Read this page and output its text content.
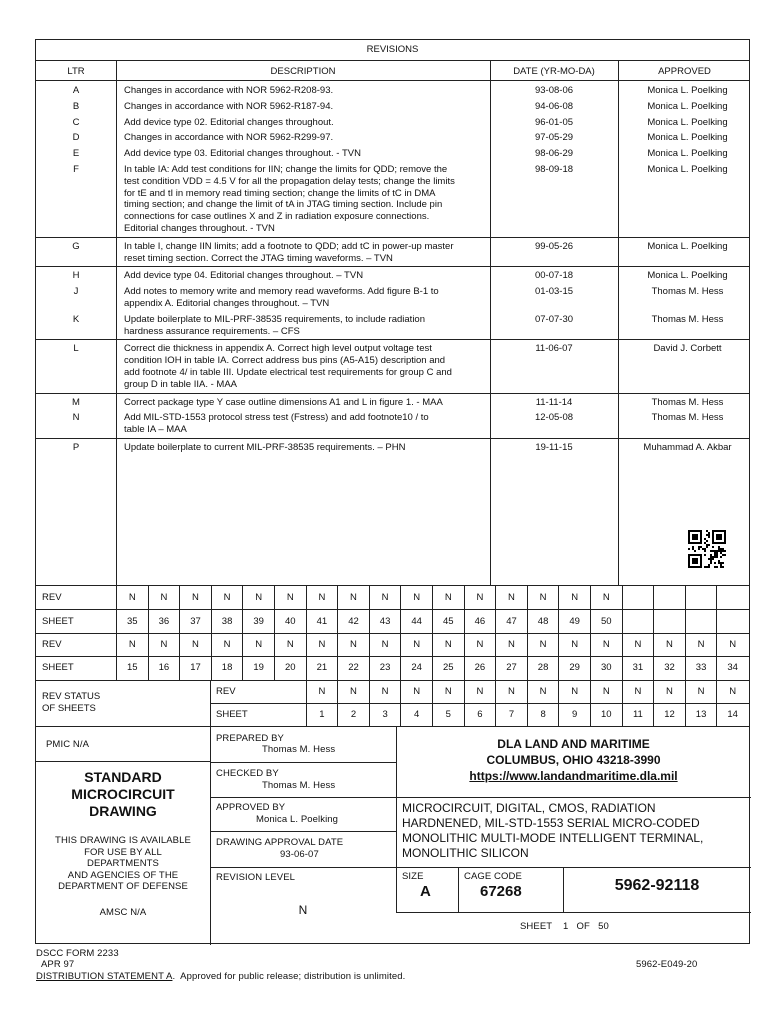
REVISIONS
LTR	DESCRIPTION	DATE (YR-MO-DA)	APPROVED
A	Changes in accordance with NOR 5962-R208-93.	93-08-06	Monica L. Poelking
B	Changes in accordance with NOR 5962-R187-94.	94-06-08	Monica L. Poelking
C	Add device type 02. Editorial changes throughout.	96-01-05	Monica L. Poelking
D	Changes in accordance with NOR 5962-R299-97.	97-05-29	Monica L. Poelking
E	Add device type 03. Editorial changes throughout. - TVN	98-06-29	Monica L. Poelking
F	In table IA: Add test conditions for IIN; change the limits for QDD; remove the
test condition VDD = 4.5 V for all the propagation delay tests; change the limits
for tE and tI in memory read timing section; change the limits of tC in DMA
timing section; and change the limit of tA in JTAG timing section. Include pin
connections for case outlines X and Z in radiation exposure connections.
Editorial changes throughout. - TVN
98-09-18	Monica L. Poelking
G	In table I, change IIN limits; add a footnote to QDD; add tC in power-up master
reset timing section. Correct the JTAG timing waveforms. – TVN
99-05-26	Monica L. Poelking
H	Add device type 04. Editorial changes throughout. – TVN	00-07-18	Monica L. Poelking
J	Add notes to memory write and memory read waveforms. Add figure B-1 to
appendix A. Editorial changes throughout. – TVN
01-03-15	Thomas M. Hess
K	Update boilerplate to MIL-PRF-38535 requirements, to include radiation
hardness assurance requirements. – CFS
07-07-30	Thomas M. Hess
L	Correct die thickness in appendix A. Correct high level output voltage test
condition IOH in table IA. Correct address bus pins (A5-A15) description and
add footnote 4/ in table III. Update electrical test requirements for group C and
group D in table IIA. - MAA
11-06-07	David J. Corbett
M	Correct package type Y case outline dimensions A1 and L in figure 1. - MAA	11-11-14	Thomas M. Hess
N	Add MIL-STD-1553 protocol stress test (Fstress) and add footnote10 / to
table IA – MAA
12-05-08	Thomas M. Hess
P	Update boilerplate to current MIL-PRF-38535 requirements. – PHN	19-11-15	Muhammad A. Akbar
REV	N	N	N	N	N	N	N	N	N	N	N	N	N	N	N	N
SHEET	35	36	37	38	39	40	41	42	43	44	45	46	47	48	49	50
REV	N	N	N	N	N	N	N	N	N	N	N	N	N	N	N	N	N	N	N	N
SHEET	15	16	17	18	19	20	21	22	23	24	25	26	27	28	29	30	31	32	33	34
REV	N	N	N	N	N	N	N	N	N	N	N	N	N	N
SHEET	1	2	3	4	5	6	7	8	9	10	11	12	13	14
REV STATUS
OF SHEETS
PMIC N/A
STANDARD
MICROCIRCUIT
DRAWING
THIS DRAWING IS AVAILABLE
FOR USE BY ALL
DEPARTMENTS
AND AGENCIES OF THE
DEPARTMENT OF DEFENSE
AMSC N/A
PREPARED BY
Thomas M. Hess
CHECKED BY
Thomas M. Hess
APPROVED BY
Monica L. Poelking
DRAWING APPROVAL DATE
93-06-07
REVISION LEVEL
N
DLA LAND AND MARITIME
COLUMBUS, OHIO 43218-3990
https://www.landandmaritime.dla.mil
MICROCIRCUIT, DIGITAL, CMOS, RADIATION
HARDNENED, MIL-STD-1553 SERIAL MICRO-CODED
MONOLITHIC MULTI-MODE INTELLIGENT TERMINAL,
MONOLITHIC SILICON
SIZE
A
CAGE CODE
67268	5962-92118
SHEET    1   OF   50
DSCC FORM 2233
APR 97
DISTRIBUTION STATEMENT A.  Approved for public release; distribution is unlimited.
5962-E049-20
